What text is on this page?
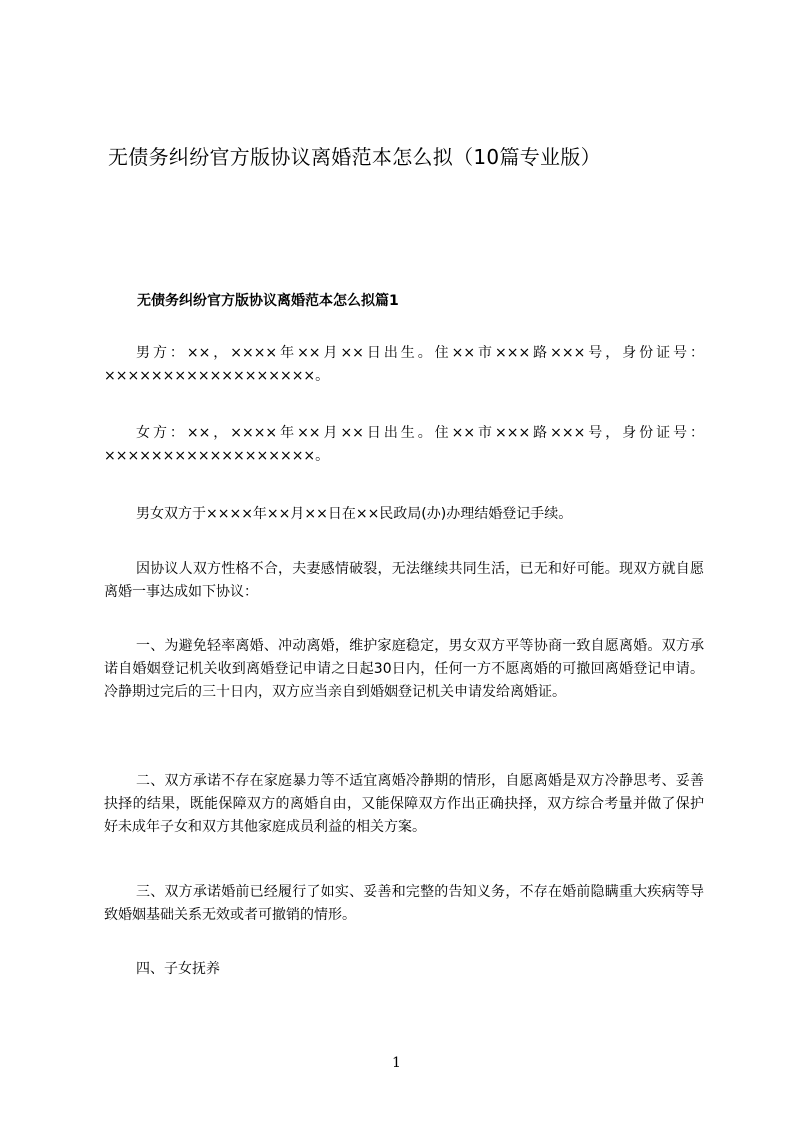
无债务纠纷官方版协议离婚范本怎么拟（10篇专业版）
无债务纠纷官方版协议离婚范本怎么拟篇1

男方：××，××××年××月××日出生。住××市×××路×××号，身份证号：××××××××××××××××××。

女方：××，××××年××月××日出生。住××市×××路×××号，身份证号：××××××××××××××××××。

男女双方于××××年××月××日在××民政局(办)办理结婚登记手续。

因协议人双方性格不合，夫妻感情破裂，无法继续共同生活，已无和好可能。现双方就自愿离婚一事达成如下协议：

一、为避免轻率离婚、冲动离婚，维护家庭稳定，男女双方平等协商一致自愿离婚。双方承诺自婚姻登记机关收到离婚登记申请之日起30日内，任何一方不愿离婚的可撤回离婚登记申请。冷静期过完后的三十日内，双方应当亲自到婚姻登记机关申请发给离婚证。

二、双方承诺不存在家庭暴力等不适宜离婚冷静期的情形，自愿离婚是双方冷静思考、妥善抉择的结果，既能保障双方的离婚自由，又能保障双方作出正确抉择，双方综合考量并做了保护好未成年子女和双方其他家庭成员利益的相关方案。

三、双方承诺婚前已经履行了如实、妥善和完整的告知义务，不存在婚前隐瞒重大疾病等导致婚姻基础关系无效或者可撤销的情形。

四、子女抚养

1
